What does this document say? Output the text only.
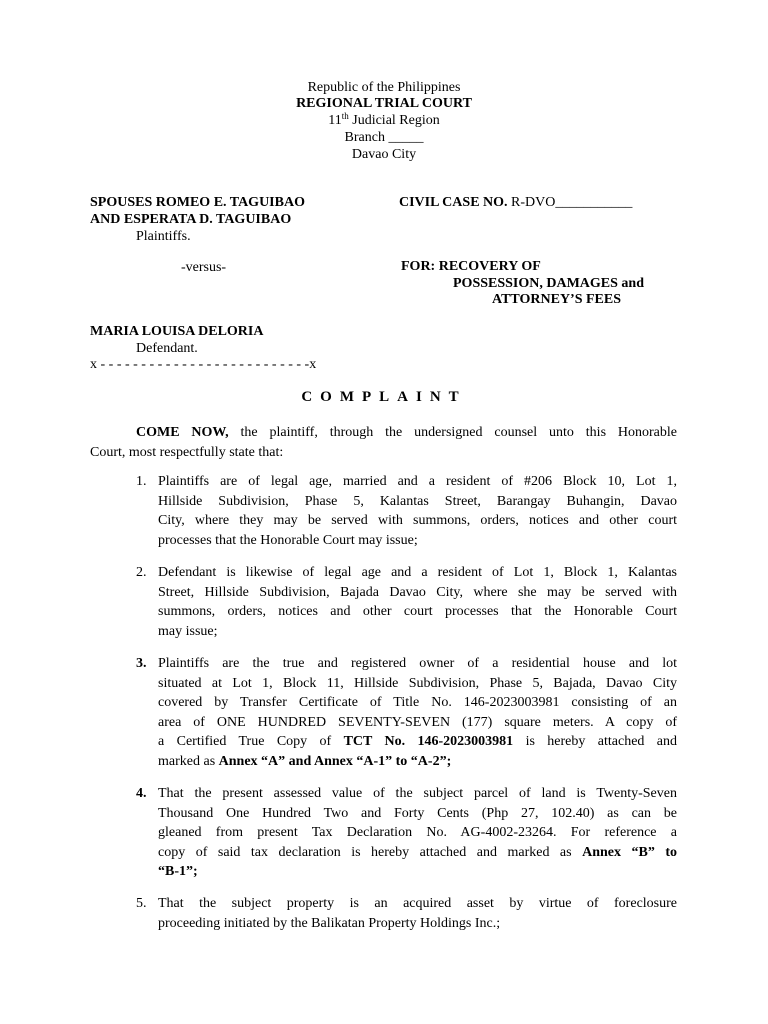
Republic of the Philippines
REGIONAL TRIAL COURT
11th Judicial Region
Branch _____
Davao City
SPOUSES ROMEO E. TAGUIBAO
AND ESPERATA D. TAGUIBAO
Plaintiffs.
-versus-
MARIA LOUISA DELORIA
Defendant.
x - - - - - - - - - - - - - - - - - - - - - - - - - -x
CIVIL CASE NO. R-DVO___________
FOR: RECOVERY OF
POSSESSION, DAMAGES and
ATTORNEY’S FEES
COMPLAINT
COME NOW, the plaintiff, through the undersigned counsel unto this Honorable
Court, most respectfully state that:
1. Plaintiffs are of legal age, married and a resident of #206 Block 10, Lot 1,
Hillside Subdivision, Phase 5, Kalantas Street, Barangay Buhangin, Davao
City, where they may be served with summons, orders, notices and other court
processes that the Honorable Court may issue;
2. Defendant is likewise of legal age and a resident of Lot 1, Block 1, Kalantas
Street, Hillside Subdivision, Bajada Davao City, where she may be served with
summons, orders, notices and other court processes that the Honorable Court
may issue;
3. Plaintiffs are the true and registered owner of a residential house and lot
situated at Lot 1, Block 11, Hillside Subdivision, Phase 5, Bajada, Davao City
covered by Transfer Certificate of Title No. 146-2023003981 consisting of an
area of ONE HUNDRED SEVENTY-SEVEN (177) square meters. A copy of
a Certified True Copy of TCT No. 146-2023003981 is hereby attached and
marked as Annex “A” and Annex “A-1” to “A-2”;
4. That the present assessed value of the subject parcel of land is Twenty-Seven
Thousand One Hundred Two and Forty Cents (Php 27, 102.40) as can be
gleaned from present Tax Declaration No. AG-4002-23264. For reference a
copy of said tax declaration is hereby attached and marked as Annex “B” to
“B-1”;
5. That the subject property is an acquired asset by virtue of foreclosure
proceeding initiated by the Balikatan Property Holdings Inc.;
